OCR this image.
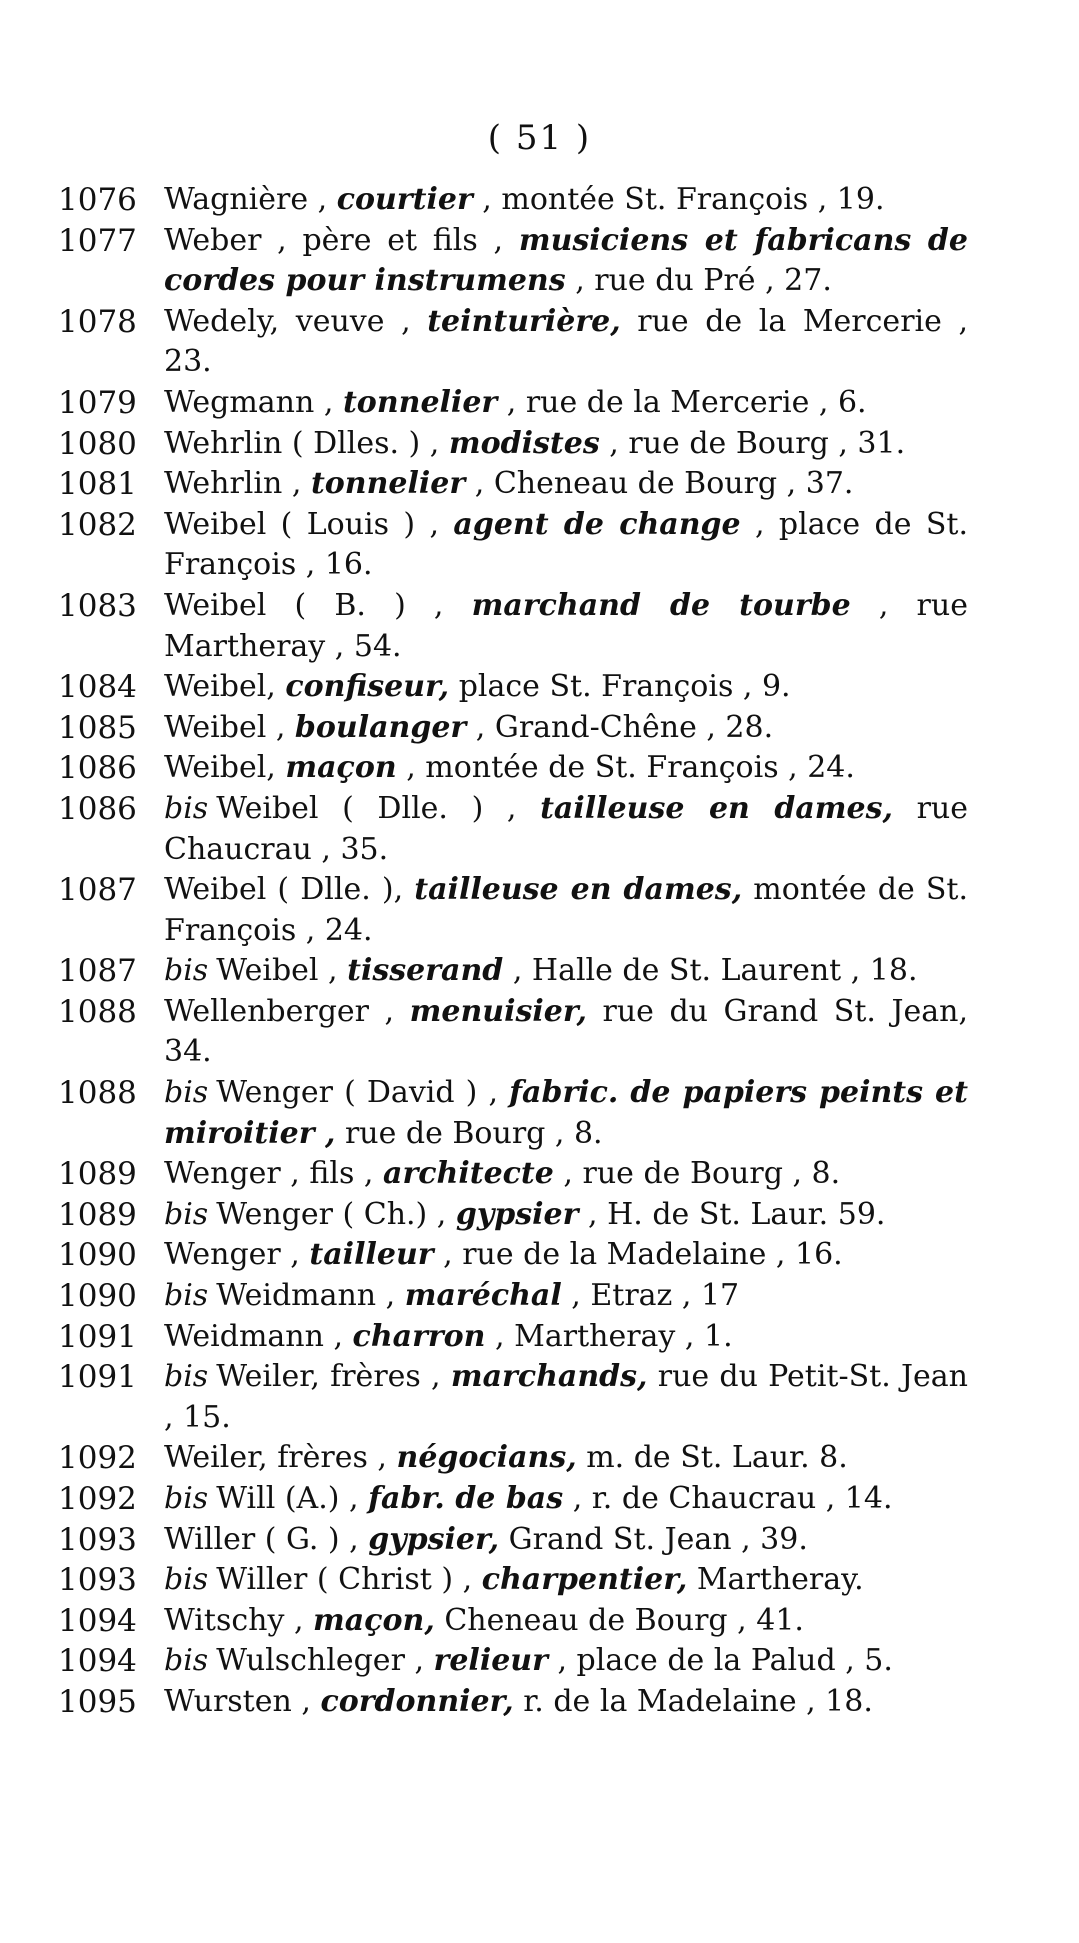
( 51 )
1076 Wagnière , courtier , montée St. François , 19.
1077 Weber , père et fils , musiciens et fabricans de cordes pour instrumens , rue du Pré , 27.
1078 Wedely, veuve , teinturière, rue de la Mercerie , 23.
1079 Wegmann , tonnelier , rue de la Mercerie , 6.
1080 Wehrlin ( Dlles. ) , modistes , rue de Bourg , 31.
1081 Wehrlin , tonnelier , Cheneau de Bourg , 37.
1082 Weibel ( Louis ) , agent de change , place de St. François , 16.
1083 Weibel ( B. ) , marchand de tourbe , rue Martheray , 54.
1084 Weibel, confiseur, place St. François , 9.
1085 Weibel , boulanger , Grand-Chêne , 28.
1086 Weibel, maçon , montée de St. François , 24.
1086 bis Weibel ( Dlle. ) , tailleuse en dames, rue Chaucrau , 35.
1087 Weibel ( Dlle. ), tailleuse en dames, montée de St. François , 24.
1087 bis Weibel , tisserand , Halle de St. Laurent , 18.
1088 Wellenberger , menuisier, rue du Grand St. Jean, 34.
1088 bis Wenger ( David ) , fabric. de papiers peints et miroitier , rue de Bourg , 8.
1089 Wenger , fils , architecte , rue de Bourg , 8.
1089 bis Wenger ( Ch.) , gypsier , H. de St. Laur. 59.
1090 Wenger , tailleur , rue de la Madelaine , 16.
1090 bis Weidmann , maréchal , Etraz , 17
1091 Weidmann , charron , Martheray , 1.
1091 bis Weiler, frères , marchands, rue du Petit-St. Jean , 15.
1092 Weiler, frères , négocians, m. de St. Laur. 8.
1092 bis Will (A.) , fabr. de bas , r. de Chaucrau , 14.
1093 Willer ( G. ) , gypsier, Grand St. Jean , 39.
1093 bis Willer ( Christ ) , charpentier, Martheray.
1094 Witschy , maçon, Cheneau de Bourg , 41.
1094 bis Wulschleger , relieur , place de la Palud , 5.
1095 Wursten , cordonnier, r. de la Madelaine , 18.
